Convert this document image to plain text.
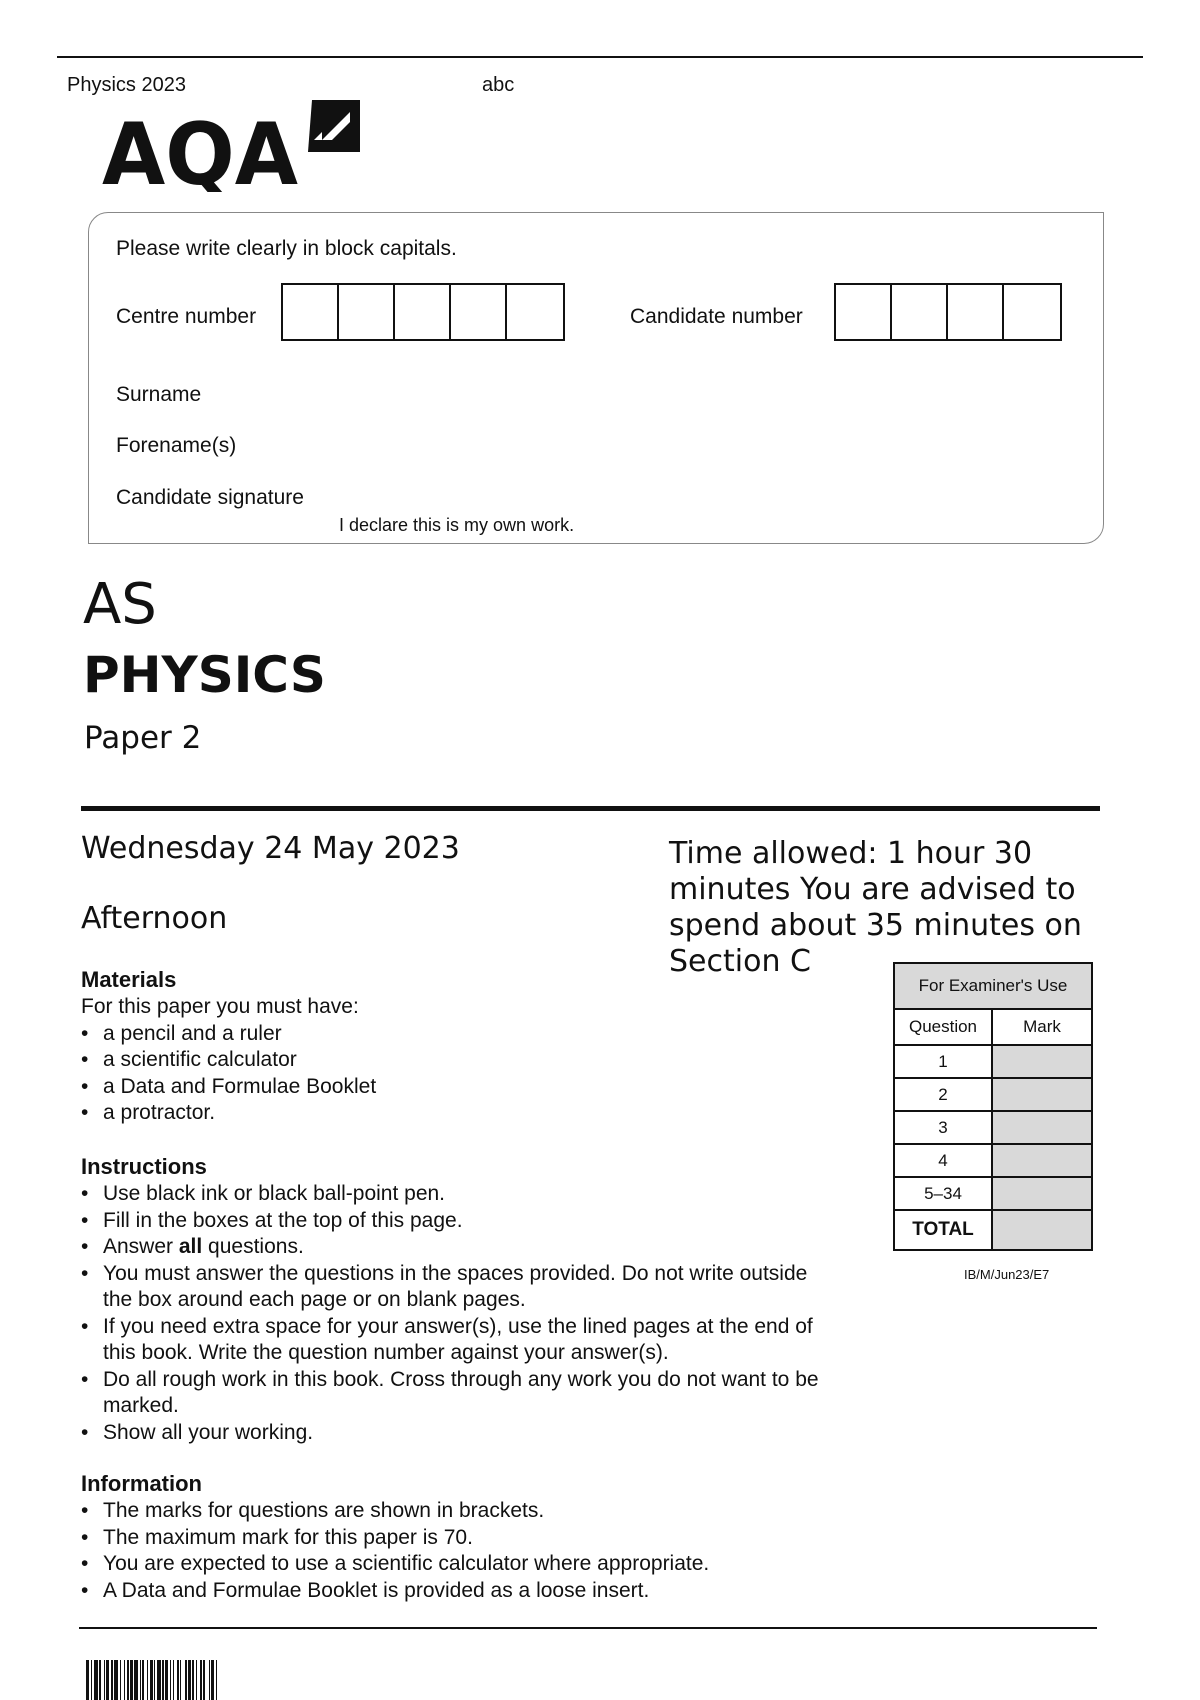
Physics 2023	abc
AQA
Please write clearly in block capitals.
Centre number	Candidate number
Surname
Forename(s)
Candidate signature
I declare this is my own work.
AS
PHYSICS
Paper 2
Wednesday 24 May 2023
Afternoon
Time allowed: 1 hour 30 minutes You are advised to spend about 35 minutes on Section C
Materials

For this paper you must have:

• a pencil and a ruler
• a scientific calculator
• a Data and Formulae Booklet
• a protractor.
Instructions
• Use black ink or black ball-point pen.
• Fill in the boxes at the top of this page.
• Answer all questions.
• You must answer the questions in the spaces provided. Do not write outside the box around each page or on blank pages.
• If you need extra space for your answer(s), use the lined pages at the end of this book. Write the question number against your answer(s).
• Do all rough work in this book. Cross through any work you do not want to be marked.
• Show all your working.
Information
• The marks for questions are shown in brackets.
• The maximum mark for this paper is 70.
• You are expected to use a scientific calculator where appropriate.
• A Data and Formulae Booklet is provided as a loose insert.
For Examiner's Use	
Question	Mark
1	
2	
3	
4	
5–34	
TOTAL	
IB/M/Jun23/E7
